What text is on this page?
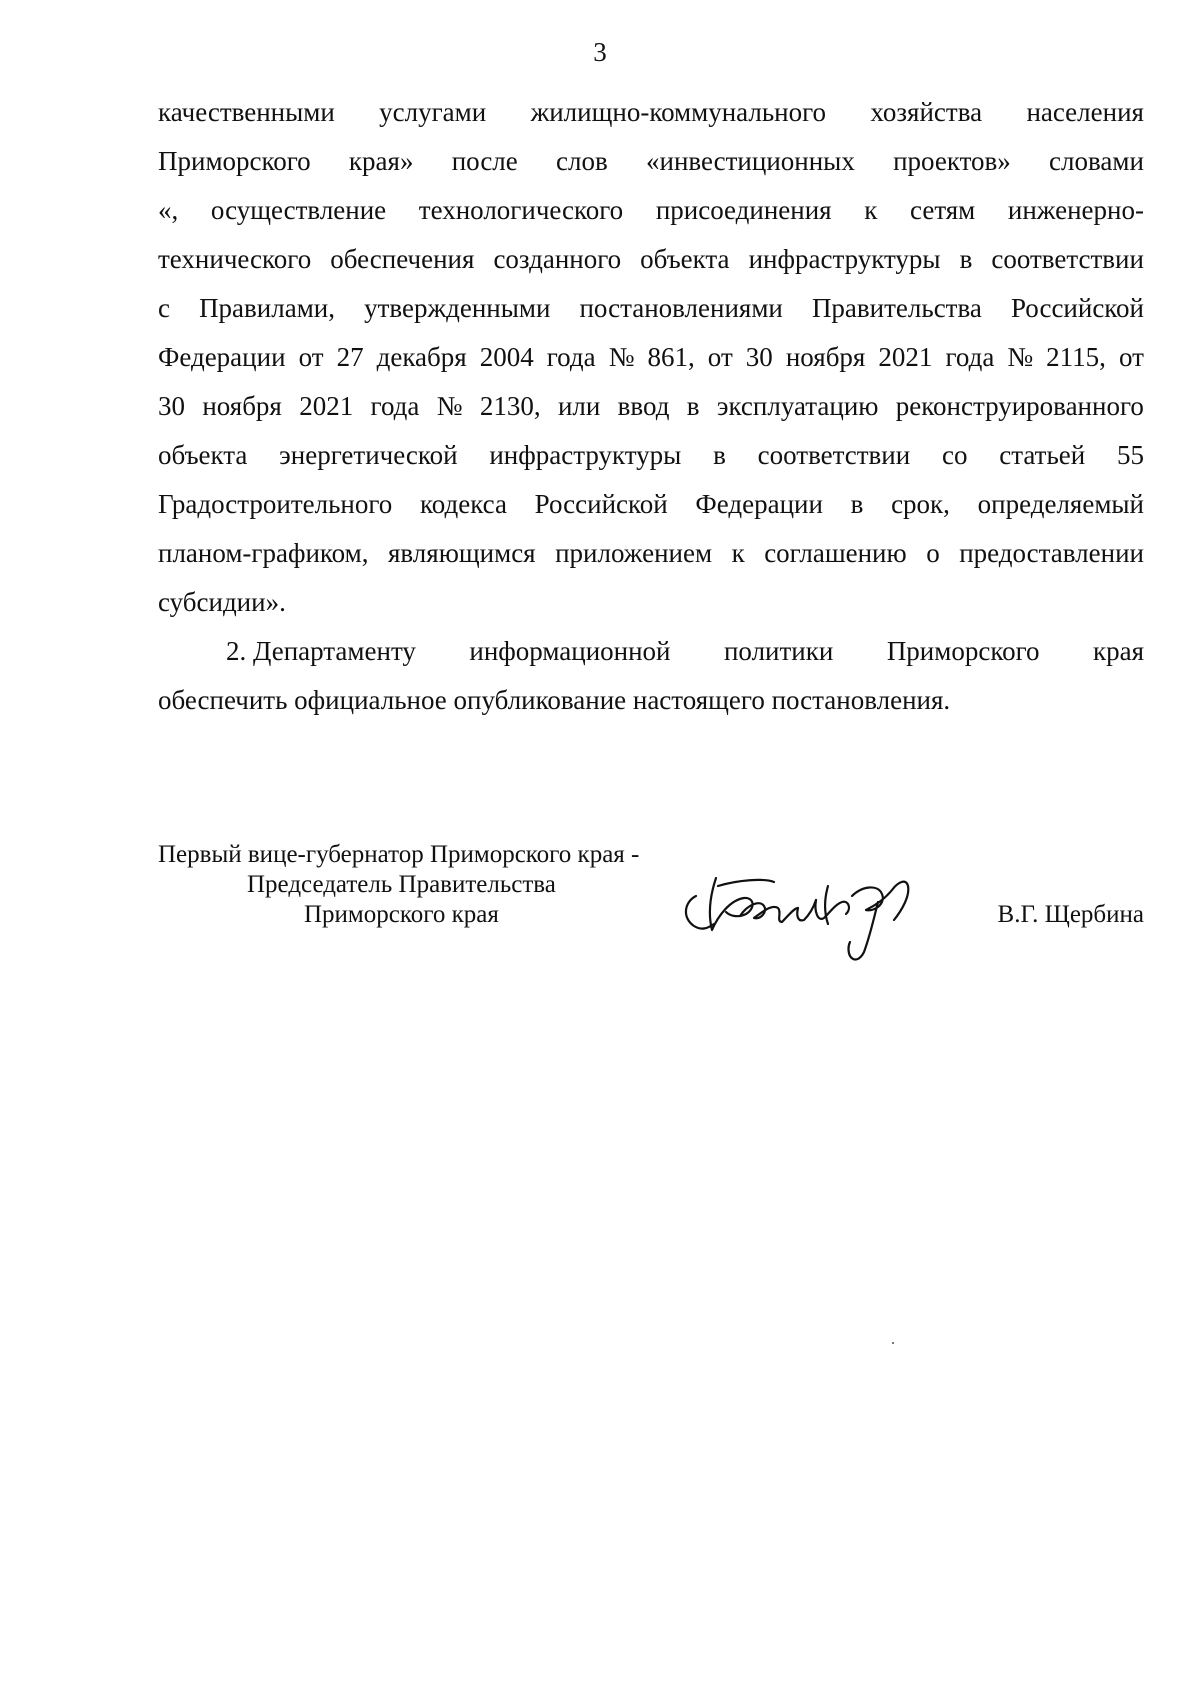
3
качественными услугами жилищно-коммунального хозяйства населения
Приморского края» после слов «инвестиционных проектов» словами
«, осуществление технологического присоединения к сетям инженерно-
технического обеспечения созданного объекта инфраструктуры в соответствии
с Правилами, утвержденными постановлениями Правительства Российской
Федерации от 27 декабря 2004 года № 861, от 30 ноября 2021 года № 2115, от
30 ноября 2021 года № 2130, или ввод в эксплуатацию реконструированного
объекта энергетической инфраструктуры в соответствии со статьей 55
Градостроительного кодекса Российской Федерации в срок, определяемый
планом-графиком, являющимся приложением к соглашению о предоставлении
субсидии».
2. Департаменту информационной политики Приморского края
обеспечить официальное опубликование настоящего постановления.
Первый вице-губернатор Приморского края -
Председатель Правительства
Приморского края	В.Г. Щербина
